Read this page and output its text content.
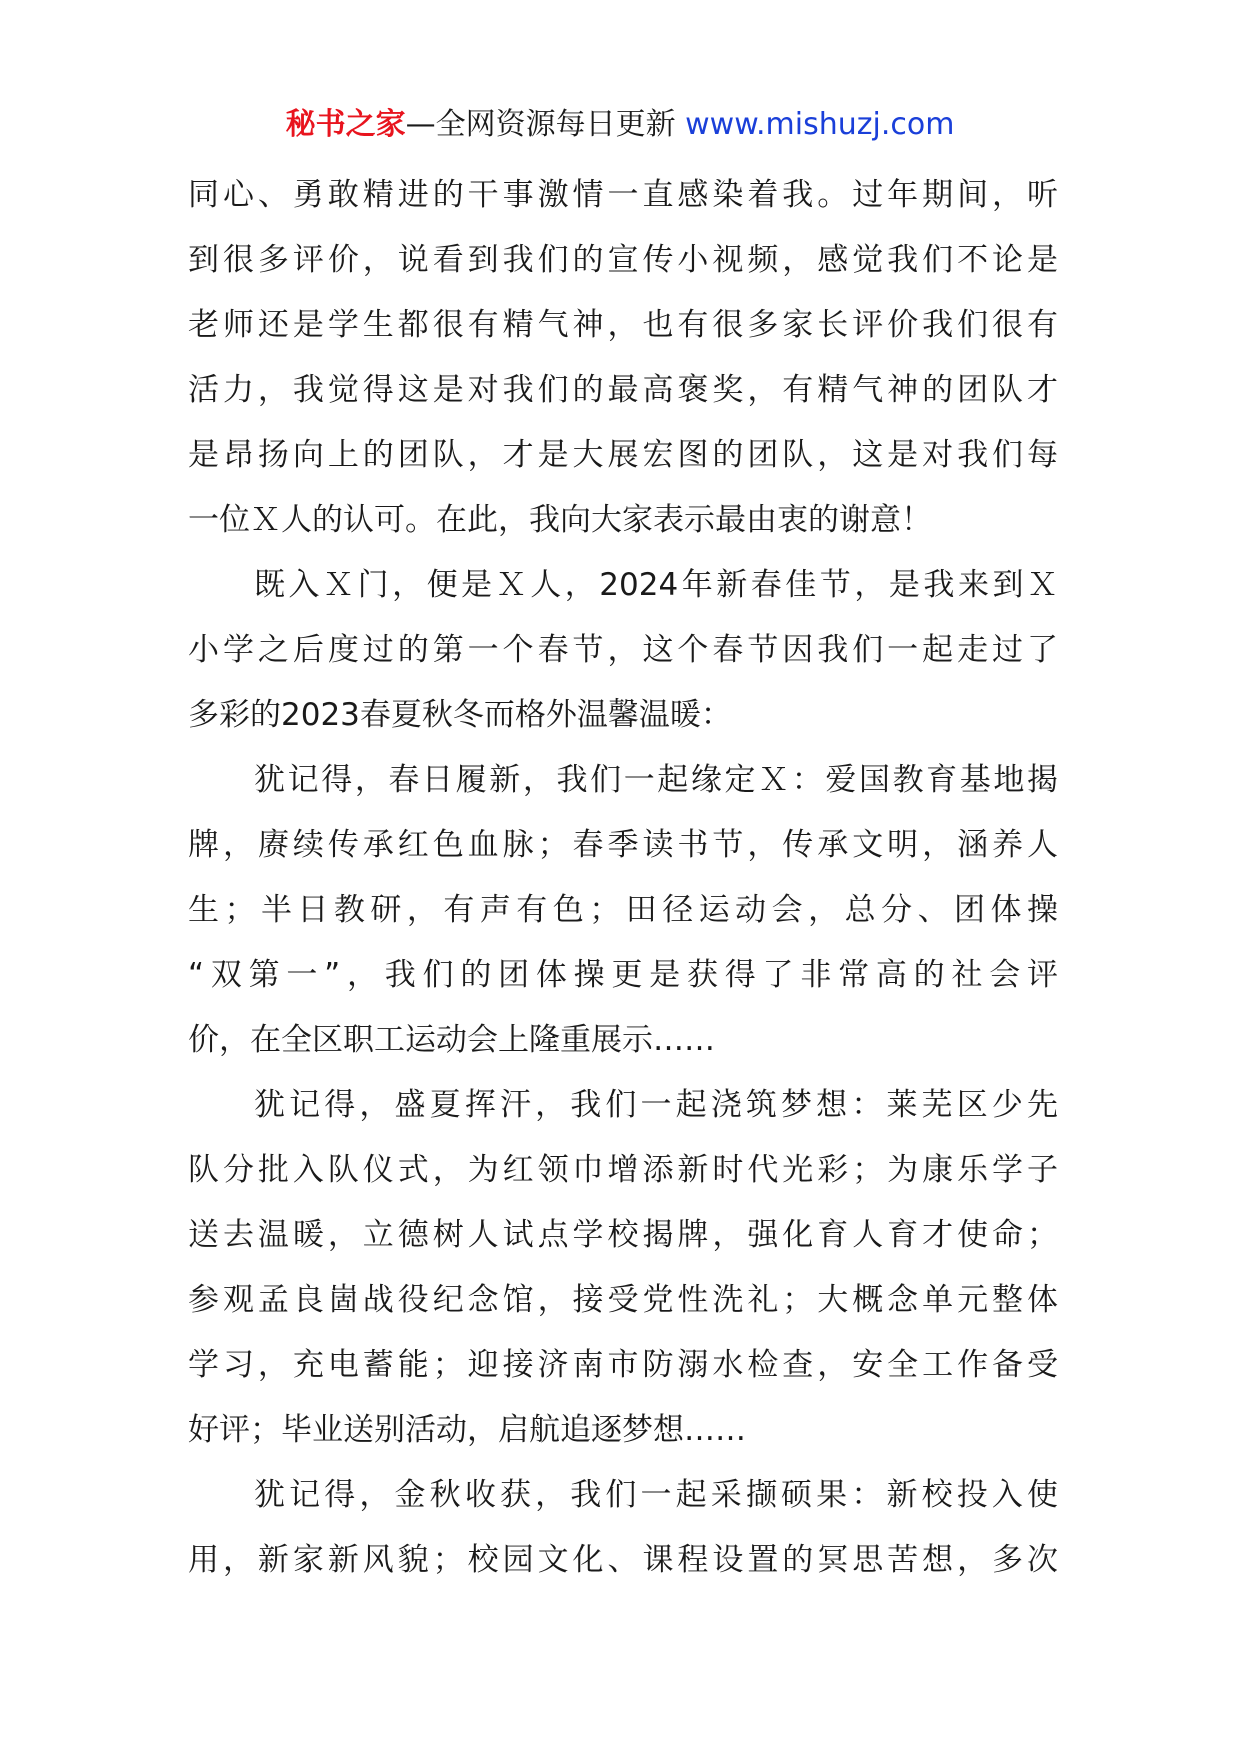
秘书之家—全网资源每日更新 www.mishuzj.com
同心、勇敢精进的干事激情一直感染着我。过年期间，听
到很多评价，说看到我们的宣传小视频，感觉我们不论是
老师还是学生都很有精气神，也有很多家长评价我们很有
活力，我觉得这是对我们的最高褒奖，有精气神的团队才
是昂扬向上的团队，才是大展宏图的团队，这是对我们每
一位Ｘ人的认可。在此，我向大家表示最由衷的谢意！
既入Ｘ门，便是Ｘ人，2024年新春佳节，是我来到Ｘ
小学之后度过的第一个春节，这个春节因我们一起走过了
多彩的2023春夏秋冬而格外温馨温暖：
犹记得，春日履新，我们一起缘定Ｘ：爱国教育基地揭
牌，赓续传承红色血脉；春季读书节，传承文明，涵养人
生；半日教研，有声有色；田径运动会，总分、团体操
“双第一”，我们的团体操更是获得了非常高的社会评
价，在全区职工运动会上隆重展示……
犹记得，盛夏挥汗，我们一起浇筑梦想：莱芜区少先
队分批入队仪式，为红领巾增添新时代光彩；为康乐学子
送去温暖，立德树人试点学校揭牌，强化育人育才使命；
参观孟良崮战役纪念馆，接受党性洗礼；大概念单元整体
学习，充电蓄能；迎接济南市防溺水检查，安全工作备受
好评；毕业送别活动，启航追逐梦想……
犹记得，金秋收获，我们一起采撷硕果：新校投入使
用，新家新风貌；校园文化、课程设置的冥思苦想，多次
